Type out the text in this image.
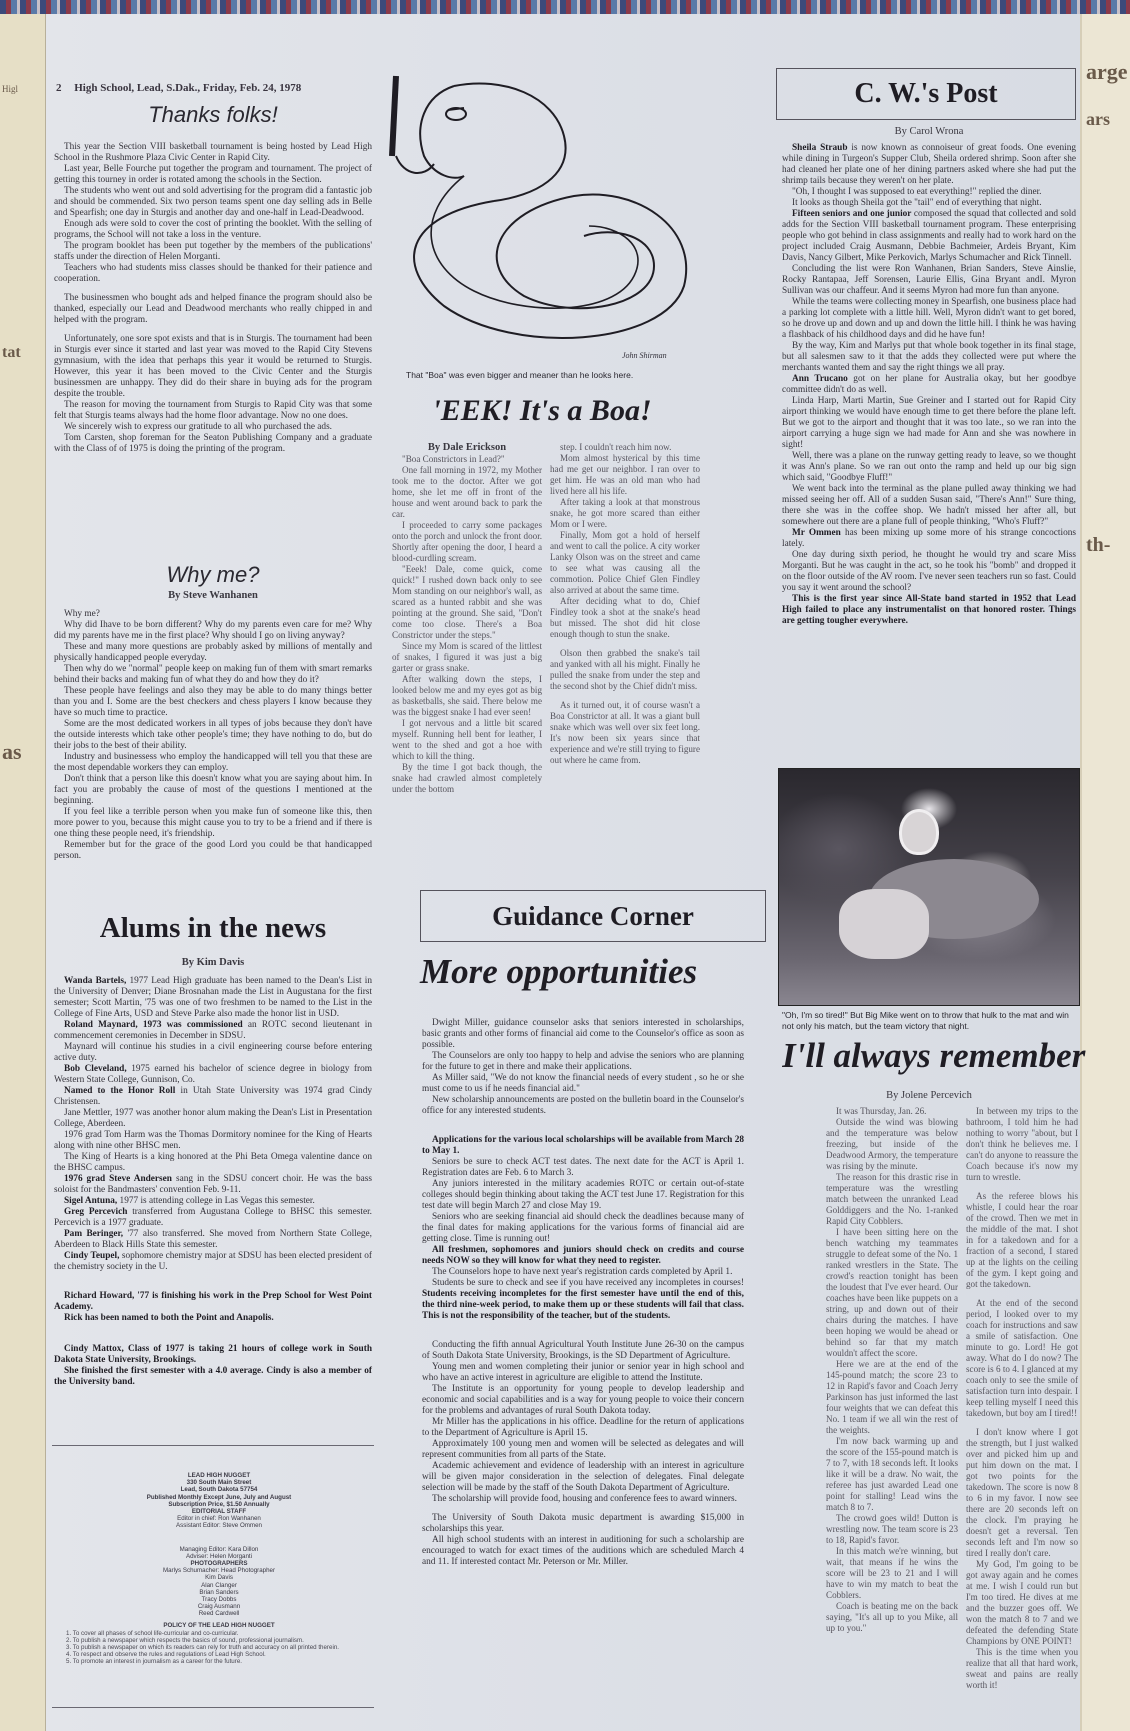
Higl
tat
as
arge
ars
th-
2 High School, Lead, S.Dak., Friday, Feb. 24, 1978
Thanks folks!

This year the Section VIII basketball tournament is being hosted by Lead High School in the Rushmore Plaza Civic Center in Rapid City.

Last year, Belle Fourche put together the program and tournament. The project of getting this tourney in order is rotated among the schools in the Section.

The students who went out and sold advertising for the program did a fantastic job and should be commended. Six two person teams spent one day selling ads in Belle and Spearfish; one day in Sturgis and another day and one-half in Lead-Deadwood.

Enough ads were sold to cover the cost of printing the booklet. With the selling of programs, the School will not take a loss in the venture.

The program booklet has been put together by the members of the publications' staffs under the direction of Helen Morganti.

Teachers who had students miss classes should be thanked for their patience and cooperation.

The businessmen who bought ads and helped finance the program should also be thanked, especially our Lead and Deadwood merchants who really chipped in and helped with the program.

Unfortunately, one sore spot exists and that is in Sturgis. The tournament had been in Sturgis ever since it started and last year was moved to the Rapid City Stevens gymnasium, with the idea that perhaps this year it would be returned to Sturgis. However, this year it has been moved to the Civic Center and the Sturgis businessmen are unhappy. They did do their share in buying ads for the program despite the trouble.

The reason for moving the tournament from Sturgis to Rapid City was that some felt that Sturgis teams always had the home floor advantage. Now no one does.

We sincerely wish to express our gratitude to all who purchased the ads.

Tom Carsten, shop foreman for the Seaton Publishing Company and a graduate with the Class of of 1975 is doing the printing of the program.

Why me?
By Steve Wanhanen

Why me?

Why did Ihave to be born different? Why do my parents even care for me? Why did my parents have me in the first place? Why should I go on living anyway?

These and many more questions are probably asked by millions of mentally and physically handicapped people everyday.

Then why do we "normal" people keep on making fun of them with smart remarks behind their backs and making fun of what they do and how they do it?

These people have feelings and also they may be able to do many things better than you and I. Some are the best checkers and chess players I know because they have so much time to practice.

Some are the most dedicated workers in all types of jobs because they don't have the outside interests which take other people's time; they have nothing to do, but do their jobs to the best of their ability.

Industry and businessess who employ the handicapped will tell you that these are the most dependable workers they can employ.

Don't think that a person like this doesn't know what you are saying about him. In fact you are probably the cause of most of the questions I mentioned at the beginning.

If you feel like a terrible person when you make fun of someone like this, then more power to you, because this might cause you to try to be a friend and if there is one thing these people need, it's friendship.

Remember but for the grace of the good Lord you could be that handicapped person.

Alums in the news
By Kim Davis

Wanda Bartels, 1977 Lead High graduate has been named to the Dean's List in the University of Denver; Diane Brosnahan made the List in Augustana for the first semester; Scott Martin, '75 was one of two freshmen to be named to the List in the College of Fine Arts, USD and Steve Parke also made the honor list in USD.

Roland Maynard, 1973 was commissioned an ROTC second lieutenant in commencement ceremonies in December in SDSU.

Maynard will continue his studies in a civil engineering course before entering active duty.

Bob Cleveland, 1975 earned his bachelor of science degree in biology from Western State College, Gunnison, Co.

Named to the Honor Roll in Utah State University was 1974 grad Cindy Christensen.

Jane Mettler, 1977 was another honor alum making the Dean's List in Presentation College, Aberdeen.

1976 grad Tom Harm was the Thomas Dormitory nominee for the King of Hearts along with nine other BHSC men.

The King of Hearts is a king honored at the Phi Beta Omega valentine dance on the BHSC campus.

1976 grad Steve Andersen sang in the SDSU concert choir. He was the bass soloist for the Bandmasters' convention Feb. 9-11.

Sigel Antuna, 1977 is attending college in Las Vegas this semester.

Greg Percevich transferred from Augustana College to BHSC this semester. Percevich is a 1977 graduate.

Pam Beringer, '77 also transferred. She moved from Northern State College, Aberdeen to Black Hills State this semester.

Cindy Teupel, sophomore chemistry major at SDSU has been elected president of the chemistry society in the U.

Richard Howard, '77 is finishing his work in the Prep School for West Point Academy.

Rick has been named to both the Point and Anapolis.

Cindy Mattox, Class of 1977 is taking 21 hours of college work in South Dakota State University, Brookings.

She finished the first semester with a 4.0 average. Cindy is also a member of the University band.

LEAD HIGH NUGGET
330 South Main Street
Lead, South Dakota 57754
Published Monthly Except June, July and August
Subscription Price, $1.50 Annually
EDITORIAL STAFF
Editor in chief: Ron Wanhanen
Assistant Editor: Steve Ommen
Managing Editor: Kara Dillon
Adviser: Helen Morganti
PHOTOGRAPHERS
Marlys Schumacher: Head Photographer
Kim Davis
Alan Clanger
Brian Sanders
Tracy Dobbs
Craig Ausmann
Reed Cardwell
POLICY OF THE LEAD HIGH NUGGET
1. To cover all phases of school life-curricular and co-curricular.
2. To publish a newspaper which respects the basics of sound, professional journalism.
3. To publish a newspaper on which its readers can rely for truth and accuracy on all printed therein.
4. To respect and observe the rules and regulations of Lead High School.
5. To promote an interest in journalism as a career for the future.
John Shirman
That "Boa" was even bigger and meaner than he looks here.
'EEK! It's a Boa!
By Dale Erickson

"Boa Constrictors in Lead?"

One fall morning in 1972, my Mother took me to the doctor. After we got home, she let me off in front of the house and went around back to park the car.

I proceeded to carry some packages onto the porch and unlock the front door. Shortly after opening the door, I heard a blood-curdling scream.

"Eeek! Dale, come quick, come quick!" I rushed down back only to see Mom standing on our neighbor's wall, as scared as a hunted rabbit and she was pointing at the ground. She said, "Don't come too close. There's a Boa Constrictor under the steps."

Since my Mom is scared of the littlest of snakes, I figured it was just a big garter or grass snake.

After walking down the steps, I looked below me and my eyes got as big as basketballs, she said. There below me was the biggest snake I had ever seen!

I got nervous and a little bit scared myself. Running hell bent for leather, I went to the shed and got a hoe with which to kill the thing.

By the time I got back though, the snake had crawled almost completely under the bottom

step. I couldn't reach him now.

Mom almost hysterical by this time had me get our neighbor. I ran over to get him. He was an old man who had lived here all his life.

After taking a look at that monstrous snake, he got more scared than either Mom or I were.

Finally, Mom got a hold of herself and went to call the police. A city worker Lanky Olson was on the street and came to see what was causing all the commotion. Police Chief Glen Findley also arrived at about the same time.

After deciding what to do, Chief Findley took a shot at the snake's head but missed. The shot did hit close enough though to stun the snake.

Olson then grabbed the snake's tail and yanked with all his might. Finally he pulled the snake from under the step and the second shot by the Chief didn't miss.

As it turned out, it of course wasn't a Boa Constrictor at all. It was a giant bull snake which was well over six feet long. It's now been six years since that experience and we're still trying to figure out where he came from.

Guidance Corner
More opportunities

Dwight Miller, guidance counselor asks that seniors interested in scholarships, basic grants and other forms of financial aid come to the Counselor's office as soon as possible.

The Counselors are only too happy to help and advise the seniors who are planning for the future to get in there and make their applications.

As Miller said, "We do not know the financial needs of every student , so he or she must come to us if he needs financial aid."

New scholarship announcements are posted on the bulletin board in the Counselor's office for any interested students.

Applications for the various local scholarships will be available from March 28 to May 1.

Seniors be sure to check ACT test dates. The next date for the ACT is April 1. Registration dates are Feb. 6 to March 3.

Any juniors interested in the military academies ROTC or certain out-of-state colleges should begin thinking about taking the ACT test June 17. Registration for this test date will begin March 27 and close May 19.

Seniors who are seeking financial aid should check the deadlines because many of the final dates for making applications for the various forms of financial aid are getting close. Time is running out!

All freshmen, sophomores and juniors should check on credits and course needs NOW so they will know for what they need to register.

The Counselors hope to have next year's registration cards completed by April 1.

Students be sure to check and see if you have received any incompletes in courses! Students receiving incompletes for the first semester have until the end of this, the third nine-week period, to make them up or these students will fail that class. This is not the responsibility of the teacher, but of the students.

Conducting the fifth annual Agricultural Youth Institute June 26-30 on the campus of South Dakota State University, Brookings, is the SD Department of Agriculture.

Young men and women completing their junior or senior year in high school and who have an active interest in agriculture are eligible to attend the Institute.

The Institute is an opportunity for young people to develop leadership and economic and social capabilities and is a way for young people to voice their concern for the problems and advantages of rural South Dakota today.

Mr Miller has the applications in his office. Deadline for the return of applications to the Department of Agriculture is April 15.

Approximately 100 young men and women will be selected as delegates and will represent communities from all parts of the State.

Academic achievement and evidence of leadership with an interest in agriculture will be given major consideration in the selection of delegates. Final delegate selection will be made by the staff of the South Dakota Department of Agriculture.

The scholarship will provide food, housing and conference fees to award winners.

The University of South Dakota music department is awarding $15,000 in scholarships this year.

All high school students with an interest in auditioning for such a scholarship are encouraged to watch for exact times of the auditions which are scheduled March 4 and 11. If interested contact Mr. Peterson or Mr. Miller.

C. W.'s Post
By Carol Wrona

Sheila Straub is now known as connoiseur of great foods. One evening while dining in Turgeon's Supper Club, Sheila ordered shrimp. Soon after she had cleaned her plate one of her dining partners asked where she had put the shrimp tails because they weren't on her plate.

"Oh, I thought I was supposed to eat everything!" replied the diner.

It looks as though Sheila got the "tail" end of everything that night.

Fifteen seniors and one junior composed the squad that collected and sold adds for the Section VIII basketball tournament program. These enterprising people who got behind in class assignments and really had to work hard on the project included Craig Ausmann, Debbie Bachmeier, Ardeis Bryant, Kim Davis, Nancy Gilbert, Mike Perkovich, Marlys Schumacher and Rick Tinnell.

Concluding the list were Ron Wanhanen, Brian Sanders, Steve Ainslie, Rocky Rantapaa, Jeff Sorensen, Laurie Ellis, Gina Bryant andI. Myron Sullivan was our chaffeur. And it seems Myron had more fun than anyone.

While the teams were collecting money in Spearfish, one business place had a parking lot complete with a little hill. Well, Myron didn't want to get bored, so he drove up and down and up and down the little hill. I think he was having a flashback of his childhood days and did he have fun!

By the way, Kim and Marlys put that whole book together in its final stage, but all salesmen saw to it that the adds they collected were put where the merchants wanted them and say the right things we all pray.

Ann Trucano got on her plane for Australia okay, but her goodbye committee didn't do as well.

Linda Harp, Marti Martin, Sue Greiner and I started out for Rapid City airport thinking we would have enough time to get there before the plane left. But we got to the airport and thought that it was too late., so we ran into the airport carrying a huge sign we had made for Ann and she was nowhere in sight!

Well, there was a plane on the runway getting ready to leave, so we thought it was Ann's plane. So we ran out onto the ramp and held up our big sign which said, "Goodbye Fluff!"

We went back into the terminal as the plane pulled away thinking we had missed seeing her off. All of a sudden Susan said, "There's Ann!" Sure thing, there she was in the coffee shop. We hadn't missed her after all, but somewhere out there are a plane full of people thinking, "Who's Fluff?"

Mr Ommen has been mixing up some more of his strange concoctions lately.

One day during sixth period, he thought he would try and scare Miss Morganti. But he was caught in the act, so he took his "bomb" and dropped it on the floor outside of the AV room. I've never seen teachers run so fast. Could you say it went around the school?

This is the first year since All-State band started in 1952 that Lead High failed to place any instrumentalist on that honored roster. Things are getting tougher everywhere.

"Oh, I'm so tired!" But Big Mike went on to throw that hulk to the mat and win not only his match, but the team victory that night.
I'll always remember
By Jolene Percevich

It was Thursday, Jan. 26.

Outside the wind was blowing and the temperature was below freezing, but inside of the Deadwood Armory, the temperature was rising by the minute.

The reason for this drastic rise in temperature was the wrestling match between the unranked Lead Golddiggers and the No. 1-ranked Rapid City Cobblers.

I have been sitting here on the bench watching my teammates struggle to defeat some of the No. 1 ranked wrestlers in the State. The crowd's reaction tonight has been the loudest that I've ever heard. Our coaches have been like puppets on a string, up and down out of their chairs during the matches. I have been hoping we would be ahead or behind so far that my match wouldn't affect the score.

Here we are at the end of the 145-pound match; the score 23 to 12 in Rapid's favor and Coach Jerry Parkinson has just informed the last four weights that we can defeat this No. 1 team if we all win the rest of the weights.

I'm now back warming up and the score of the 155-pound match is 7 to 7, with 18 seconds left. It looks like it will be a draw. No wait, the referee has just awarded Lead one point for stalling! Lead wins the match 8 to 7.

The crowd goes wild! Dutton is wrestling now. The team score is 23 to 18, Rapid's favor.

In this match we're winning, but wait, that means if he wins the score will be 23 to 21 and I will have to win my match to beat the Cobblers.

Coach is beating me on the back saying, "It's all up to you Mike, all up to you."

In between my trips to the bathroom, I told him he had nothing to worry "about, but I don't think he believes me. I can't do anyone to reassure the Coach because it's now my turn to wrestle.

As the referee blows his whistle, I could hear the roar of the crowd. Then we met in the middle of the mat. I shot in for a takedown and for a fraction of a second, I stared up at the lights on the ceiling of the gym. I kept going and got the takedown.

At the end of the second period, I looked over to my coach for instructions and saw a smile of satisfaction. One minute to go. Lord! He got away. What do I do now? The score is 6 to 4. I glanced at my coach only to see the smile of satisfaction turn into despair. I keep telling myself I need this takedown, but boy am I tired!!

I don't know where I got the strength, but I just walked over and picked him up and put him down on the mat. I got two points for the takedown. The score is now 8 to 6 in my favor. I now see there are 20 seconds left on the clock. I'm praying he doesn't get a reversal. Ten seconds left and I'm now so tired I really don't care.

My God, I'm going to be got away again and he comes at me. I wish I could run but I'm too tired. He dives at me and the buzzer goes off. We won the match 8 to 7 and we defeated the defending State Champions by ONE POINT!

This is the time when you realize that all that hard work, sweat and pains are really worth it!
